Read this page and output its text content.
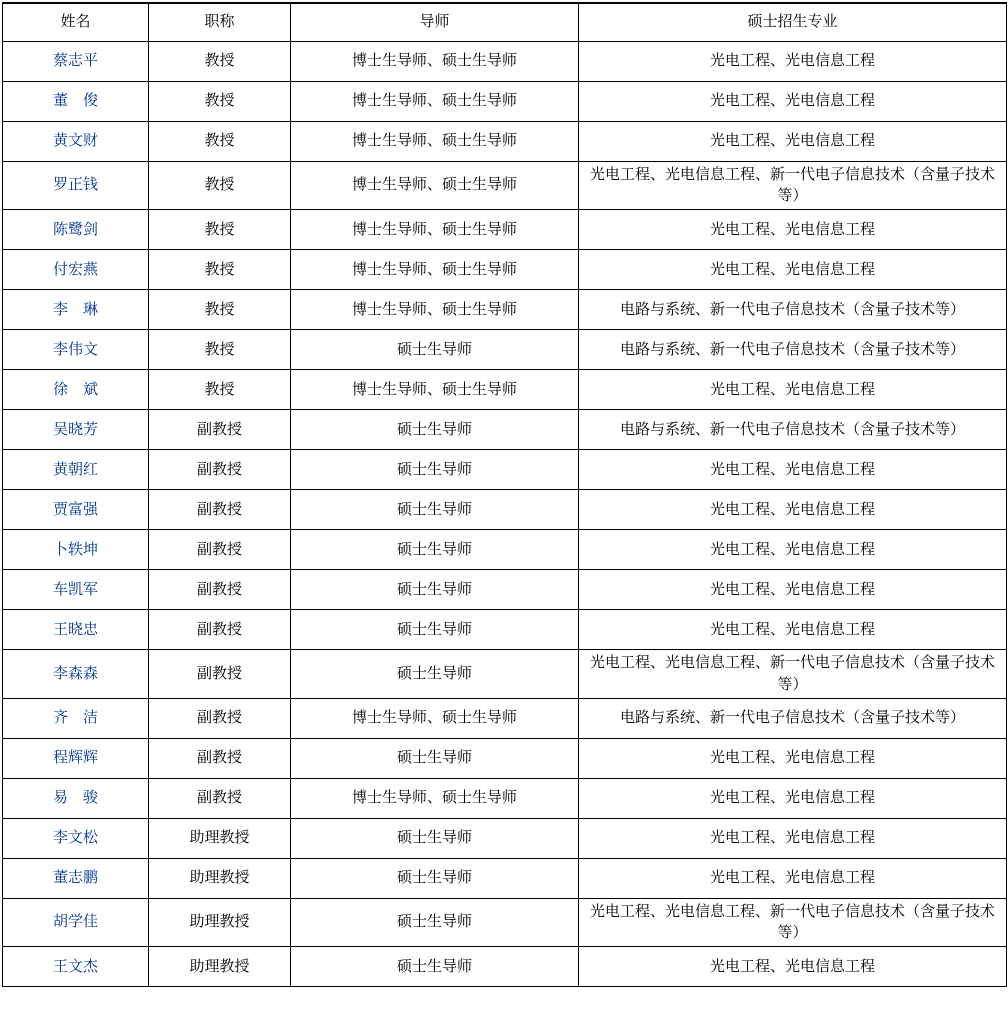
姓名	职称	导师	硕士招生专业
蔡志平	教授	博士生导师、硕士生导师	光电工程、光电信息工程
董　俊	教授	博士生导师、硕士生导师	光电工程、光电信息工程
黄文财	教授	博士生导师、硕士生导师	光电工程、光电信息工程
罗正钱	教授	博士生导师、硕士生导师	光电工程、光电信息工程、新一代电子信息技术（含量子技术等）
陈鹭剑	教授	博士生导师、硕士生导师	光电工程、光电信息工程
付宏燕	教授	博士生导师、硕士生导师	光电工程、光电信息工程
李　琳	教授	博士生导师、硕士生导师	电路与系统、新一代电子信息技术（含量子技术等）
李伟文	教授	硕士生导师	电路与系统、新一代电子信息技术（含量子技术等）
徐　斌	教授	博士生导师、硕士生导师	光电工程、光电信息工程
吴晓芳	副教授	硕士生导师	电路与系统、新一代电子信息技术（含量子技术等）
黄朝红	副教授	硕士生导师	光电工程、光电信息工程
贾富强	副教授	硕士生导师	光电工程、光电信息工程
卜轶坤	副教授	硕士生导师	光电工程、光电信息工程
车凯军	副教授	硕士生导师	光电工程、光电信息工程
王晓忠	副教授	硕士生导师	光电工程、光电信息工程
李森森	副教授	硕士生导师	光电工程、光电信息工程、新一代电子信息技术（含量子技术等）
齐　洁	副教授	博士生导师、硕士生导师	电路与系统、新一代电子信息技术（含量子技术等）
程辉辉	副教授	硕士生导师	光电工程、光电信息工程
易　骏	副教授	博士生导师、硕士生导师	光电工程、光电信息工程
李文松	助理教授	硕士生导师	光电工程、光电信息工程
董志鹏	助理教授	硕士生导师	光电工程、光电信息工程
胡学佳	助理教授	硕士生导师	光电工程、光电信息工程、新一代电子信息技术（含量子技术等）
王文杰	助理教授	硕士生导师	光电工程、光电信息工程
